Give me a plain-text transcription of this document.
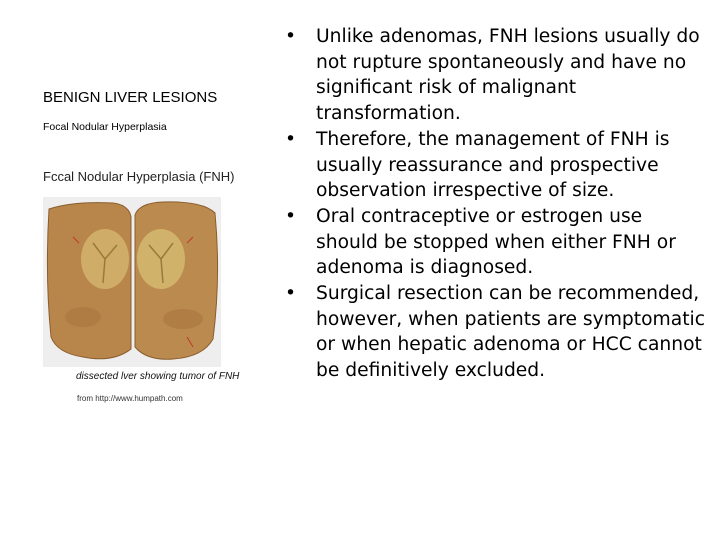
BENIGN LIVER LESIONS
Focal Nodular Hyperplasia
Fccal Nodular Hyperplasia (FNH)
dissected lver showing tumor of FNH
from http://www.humpath.com
•	Unlike adenomas, FNH lesions usually do not rupture spontaneously and have no significant risk of malignant transformation.
•	Therefore, the management of FNH is usually reassurance and prospective observation irrespective of size.
•	Oral contraceptive or estrogen use should be stopped when either FNH or adenoma is diagnosed.
•	Surgical resection can be recommended, however, when patients are symptomatic or when hepatic adenoma or HCC cannot be definitively excluded.
